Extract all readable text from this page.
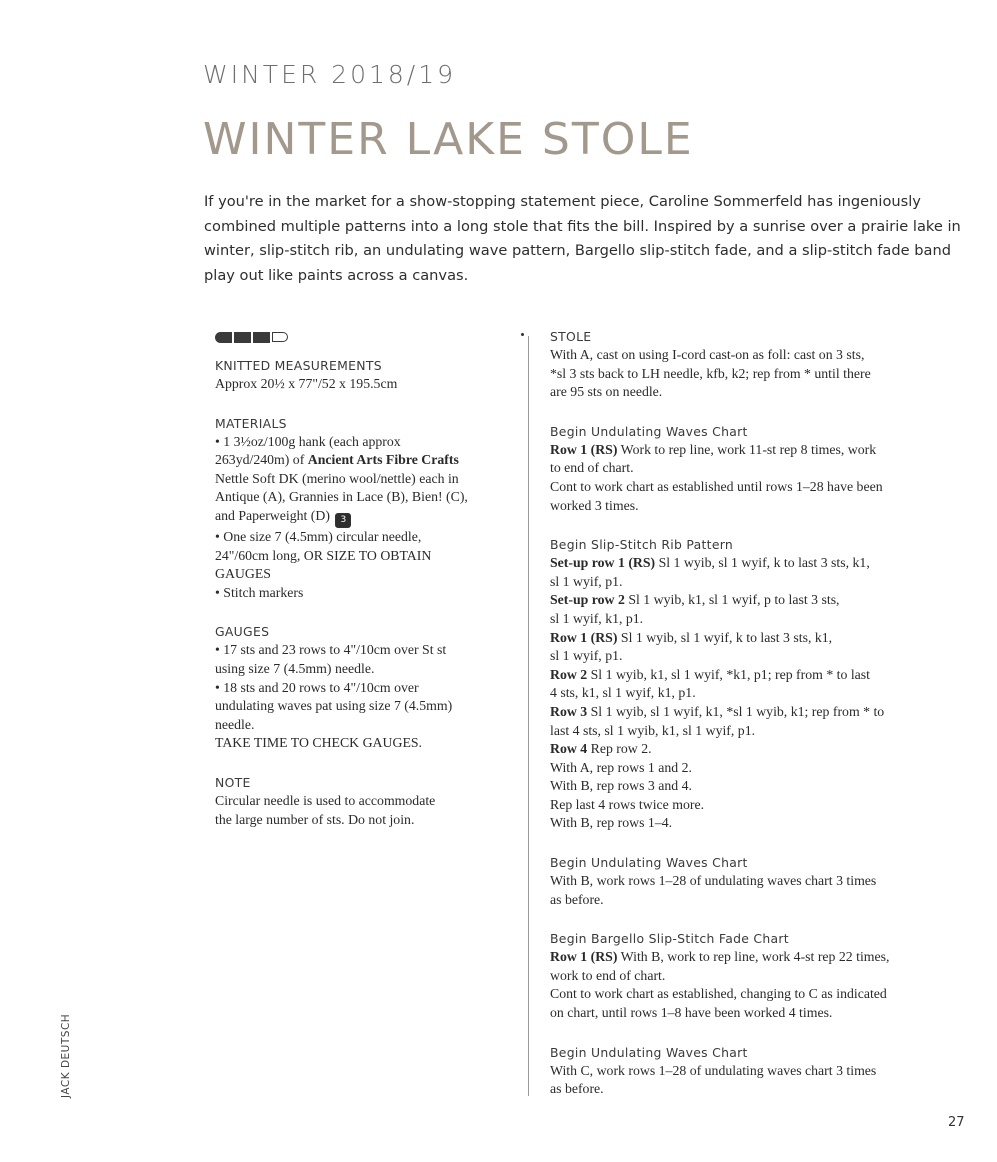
WINTER 2018/19
WINTER LAKE STOLE
If you're in the market for a show-stopping statement piece, Caroline Sommerfeld has ingeniously combined multiple patterns into a long stole that fits the bill. Inspired by a sunrise over a prairie lake in winter, slip-stitch rib, an undulating wave pattern, Bargello slip-stitch fade, and a slip-stitch fade band play out like paints across a canvas.
KNITTED MEASUREMENTS
Approx 20½ x 77"/52 x 195.5cm
MATERIALS
• 1 3½oz/100g hank (each approx
263yd/240m) of Ancient Arts Fibre Crafts
Nettle Soft DK (merino wool/nettle) each in
Antique (A), Grannies in Lace (B), Bien! (C),
and Paperweight (D) 3
• One size 7 (4.5mm) circular needle,
24"/60cm long, OR SIZE TO OBTAIN
GAUGES
• Stitch markers
GAUGES
• 17 sts and 23 rows to 4"/10cm over St st
using size 7 (4.5mm) needle.
• 18 sts and 20 rows to 4"/10cm over
undulating waves pat using size 7 (4.5mm)
needle.
TAKE TIME TO CHECK GAUGES.
NOTE
Circular needle is used to accommodate
the large number of sts. Do not join.
STOLE
With A, cast on using I-cord cast-on as foll: cast on 3 sts,
*sl 3 sts back to LH needle, kfb, k2; rep from * until there
are 95 sts on needle.
Begin Undulating Waves Chart
Row 1 (RS) Work to rep line, work 11-st rep 8 times, work
to end of chart.
Cont to work chart as established until rows 1–28 have been
worked 3 times.
Begin Slip-Stitch Rib Pattern
Set-up row 1 (RS) Sl 1 wyib, sl 1 wyif, k to last 3 sts, k1,
sl 1 wyif, p1.
Set-up row 2 Sl 1 wyib, k1, sl 1 wyif, p to last 3 sts,
sl 1 wyif, k1, p1.
Row 1 (RS) Sl 1 wyib, sl 1 wyif, k to last 3 sts, k1,
sl 1 wyif, p1.
Row 2 Sl 1 wyib, k1, sl 1 wyif, *k1, p1; rep from * to last
4 sts, k1, sl 1 wyif, k1, p1.
Row 3 Sl 1 wyib, sl 1 wyif, k1, *sl 1 wyib, k1; rep from * to
last 4 sts, sl 1 wyib, k1, sl 1 wyif, p1.
Row 4 Rep row 2.
With A, rep rows 1 and 2.
With B, rep rows 3 and 4.
Rep last 4 rows twice more.
With B, rep rows 1–4.
Begin Undulating Waves Chart
With B, work rows 1–28 of undulating waves chart 3 times
as before.
Begin Bargello Slip-Stitch Fade Chart
Row 1 (RS) With B, work to rep line, work 4-st rep 22 times,
work to end of chart.
Cont to work chart as established, changing to C as indicated
on chart, until rows 1–8 have been worked 4 times.
Begin Undulating Waves Chart
With C, work rows 1–28 of undulating waves chart 3 times
as before.
JACK DEUTSCH
27
